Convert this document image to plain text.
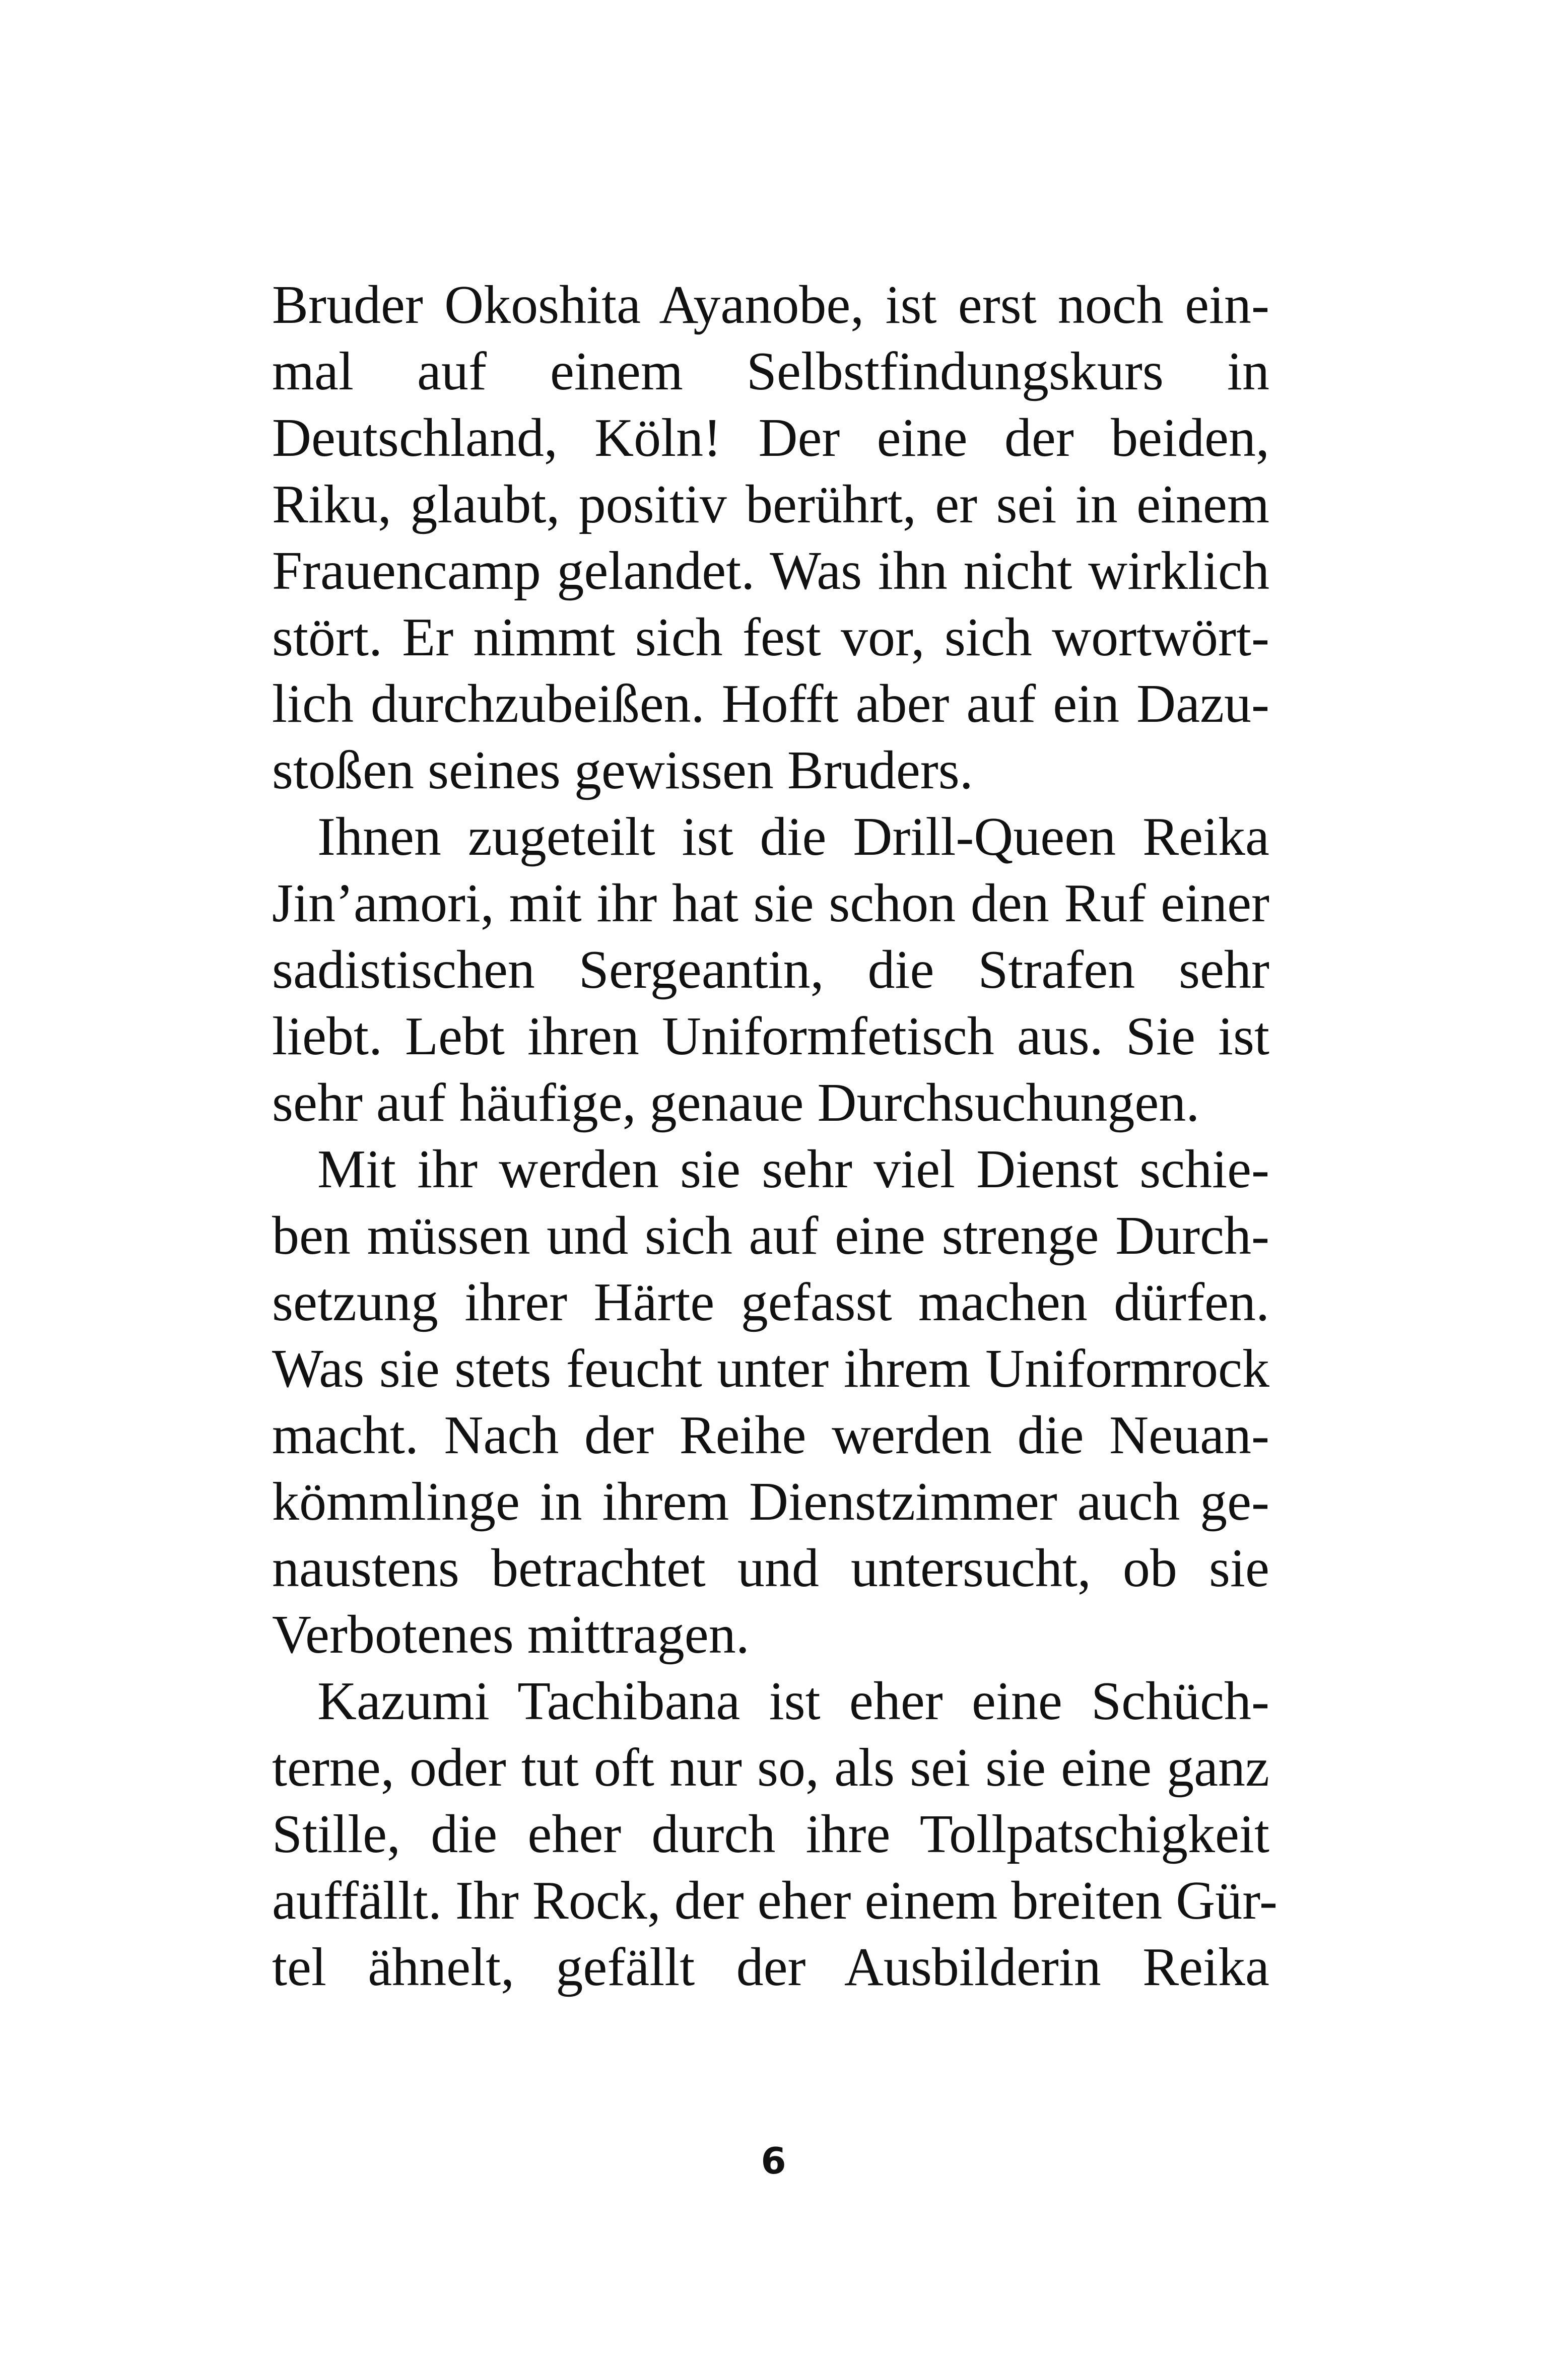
Bruder Okoshita Ayanobe, ist erst noch ein-
mal auf einem Selbstfindungskurs in
Deutschland, Köln! Der eine der beiden,
Riku, glaubt, positiv berührt, er sei in einem
Frauencamp gelandet. Was ihn nicht wirklich
stört. Er nimmt sich fest vor, sich wortwört-
lich durchzubeißen. Hofft aber auf ein Dazu-
stoßen seines gewissen Bruders.
Ihnen zugeteilt ist die Drill-Queen Reika
Jin’amori, mit ihr hat sie schon den Ruf einer
sadistischen Sergeantin, die Strafen sehr
liebt. Lebt ihren Uniformfetisch aus. Sie ist
sehr auf häufige, genaue Durchsuchungen.
Mit ihr werden sie sehr viel Dienst schie-
ben müssen und sich auf eine strenge Durch-
setzung ihrer Härte gefasst machen dürfen.
Was sie stets feucht unter ihrem Uniformrock
macht. Nach der Reihe werden die Neuan-
kömmlinge in ihrem Dienstzimmer auch ge-
naustens betrachtet und untersucht, ob sie
Verbotenes mittragen.
Kazumi Tachibana ist eher eine Schüch-
terne, oder tut oft nur so, als sei sie eine ganz
Stille, die eher durch ihre Tollpatschigkeit
auffällt. Ihr Rock, der eher einem breiten Gür-
tel ähnelt, gefällt der Ausbilderin Reika
6
